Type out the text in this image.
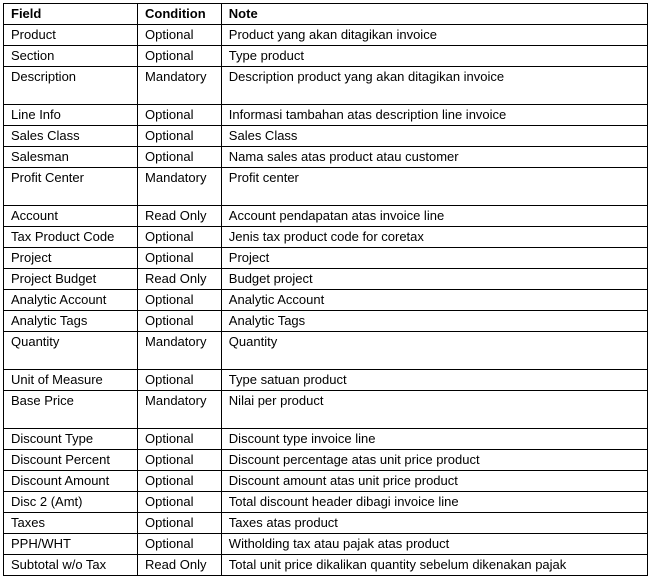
Field	Condition	Note
Product	Optional	Product yang akan ditagikan invoice
Section	Optional	Type product
Description	Mandatory	Description product yang akan ditagikan invoice
Line Info	Optional	Informasi tambahan atas description line invoice
Sales Class	Optional	Sales Class
Salesman	Optional	Nama sales atas product atau customer
Profit Center	Mandatory	Profit center
Account	Read Only	Account pendapatan atas invoice line
Tax Product Code	Optional	Jenis tax product code for coretax
Project	Optional	Project
Project Budget	Read Only	Budget project
Analytic Account	Optional	Analytic Account
Analytic Tags	Optional	Analytic Tags
Quantity	Mandatory	Quantity
Unit of Measure	Optional	Type satuan product
Base Price	Mandatory	Nilai per product
Discount Type	Optional	Discount type invoice line
Discount Percent	Optional	Discount percentage atas unit price product
Discount Amount	Optional	Discount amount atas unit price product
Disc 2 (Amt)	Optional	Total discount header dibagi invoice line
Taxes	Optional	Taxes atas product
PPH/WHT	Optional	Witholding tax atau pajak atas product
Subtotal w/o Tax	Read Only	Total unit price dikalikan quantity sebelum dikenakan pajak
